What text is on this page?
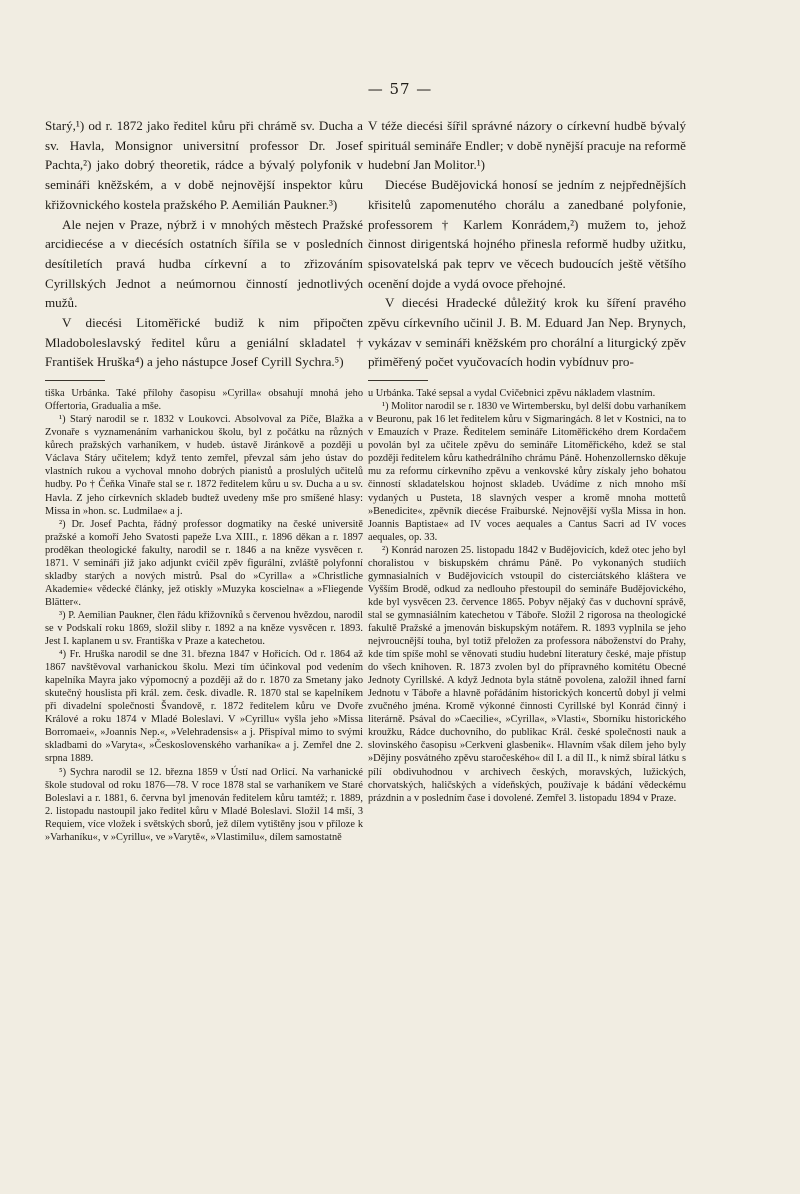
— 57 —

Starý,¹) od r. 1872 jako ředitel kůru při chrámě sv. Ducha a sv. Havla, Monsignor universitní professor Dr. Josef Pachta,²) jako dobrý theoretik, rádce a bývalý polyfonik v semináři kněžském, a v době nejnovější inspektor kůru křižovnického kostela pražského P. Aemilián Paukner.³)

Ale nejen v Praze, nýbrž i v mnohých městech Pražské arcidiecése a v diecésích ostatních šířila se v posledních desítiletích pravá hudba církevní a to zřizováním Cyrillských Jednot a neúmornou činností jednotlivých mužů.

V diecési Litoměřické budiž k nim připočten Mladoboleslavský ředitel kůru a geniální skladatel † František Hruška⁴) a jeho nástupce Josef Cyrill Sychra.⁵)

tiška Urbánka. Také přílohy časopisu »Cyrilla« obsahují mnohá jeho Offertoria, Gradualia a mše.

¹) Starý narodil se r. 1832 v Loukovci. Absolvoval za Píče, Blažka a Zvonaře s vyznamenáním varhanickou školu, byl z počátku na různých kůrech pražských varhaníkem, v hudeb. ústavě Jiránkově a později u Václava Stáry učitelem; když tento zemřel, převzal sám jeho ústav do vlastních rukou a vychoval mnoho dobrých pianistů a proslulých učitelů hudby. Po † Čeňka Vinaře stal se r. 1872 ředitelem kůru u sv. Ducha a u sv. Havla. Z jeho církevních skladeb budtež uvedeny mše pro smíšené hlasy: Missa in »hon. sc. Ludmilae« a j.

²) Dr. Josef Pachta, řádný professor dogmatiky na české universitě pražské a komoří Jeho Svatosti papeže Lva XIII., r. 1896 děkan a r. 1897 proděkan theologické fakulty, narodil se r. 1846 a na kněze vysvěcen r. 1871. V semináři již jako adjunkt cvičil zpěv figurální, zvláště polyfonní skladby starých a nových mistrů. Psal do »Cyrilla« a »Christliche Akademie« vědecké články, jež otiskly »Muzyka koscielna« a »Fliegende Blätter«.

³) P. Aemilian Paukner, člen řádu křižovníků s červenou hvězdou, narodil se v Podskalí roku 1869, složil sliby r. 1892 a na kněze vysvěcen r. 1893. Jest I. kaplanem u sv. Františka v Praze a katechetou.

⁴) Fr. Hruška narodil se dne 31. března 1847 v Hořicích. Od r. 1864 až 1867 navštěvoval varhanickou školu. Mezi tím účinkoval pod vedením kapelníka Mayra jako výpomocný a později až do r. 1870 za Smetany jako skutečný houslista při král. zem. česk. divadle. R. 1870 stal se kapelníkem při divadelní společnosti Švandově, r. 1872 ředitelem kůru ve Dvoře Králové a roku 1874 v Mladé Boleslavi. V »Cyrillu« vyšla jeho »Missa Borromaei«, »Joannis Nep.«, »Velehradensis« a j. Přispíval mimo to svými skladbami do »Varyta«, »Československého varhaníka« a j. Zemřel dne 2. srpna 1889.

⁵) Sychra narodil se 12. března 1859 v Ústí nad Orlicí. Na varhanické škole studoval od roku 1876—78. V roce 1878 stal se varhaníkem ve Staré Boleslavi a r. 1881, 6. června byl jmenován ředitelem kůru tamtéž; r. 1889, 2. listopadu nastoupil jako ředitel kůru v Mladé Boleslavi. Složil 14 mší, 3 Requiem, více vložek i světských sborů, jež dílem vytištěny jsou v příloze k »Varhaníku«, v »Cyrillu«, ve »Varytě«, »Vlastimilu«, dílem samostatně

V téže diecési šířil správné názory o církevní hudbě bývalý spirituál semináře Endler; v době nynější pracuje na reformě hudební Jan Molitor.¹)

Diecése Budějovická honosí se jedním z nejpřednějších křisitelů zapomenutého chorálu a zanedbané polyfonie, professorem † Karlem Konrádem,²) mužem to, jehož činnost dirigentská hojného přinesla reformě hudby užitku, spisovatelská pak teprv ve věcech budoucích ještě většího ocenění dojde a vydá ovoce přehojné.

V diecési Hradecké důležitý krok ku šíření pravého zpěvu církevního učinil J. B. M. Eduard Jan Nep. Brynych, vykázav v semináři kněžském pro chorální a liturgický zpěv přiměřený počet vyučovacích hodin vybídnuv pro-

u Urbánka. Také sepsal a vydal Cvičebnici zpěvu nákladem vlastním.

¹) Molitor narodil se r. 1830 ve Wirtembersku, byl delší dobu varhaníkem v Beuronu, pak 16 let ředitelem kůru v Sigmaringách. 8 let v Kostnici, na to v Emauzích v Praze. Ředitelem semináře Litoměřického drem Kordačem povolán byl za učitele zpěvu do semináře Litoměřického, kdež se stal později ředitelem kůru kathedrálního chrámu Páně. Hohenzollernsko děkuje mu za reformu církevního zpěvu a venkovské kůry získaly jeho bohatou činností skladatelskou hojnost skladeb. Uvádíme z nich mnoho mší vydaných u Pusteta, 18 slavných vesper a kromě mnoha mottetů »Benedicite«, zpěvník diecése Fraiburské. Nejnovější vyšla Missa in hon. Joannis Baptistae« ad IV voces aequales a Cantus Sacri ad IV voces aequales, op. 33.

²) Konrád narozen 25. listopadu 1842 v Budějovicích, kdež otec jeho byl choralistou v biskupském chrámu Páně. Po vykonaných studiích gymnasialních v Budějovicích vstoupil do cisterciátského kláštera ve Vyšším Brodě, odkud za nedlouho přestoupil do semináře Budějovického, kde byl vysvěcen 23. července 1865. Pobyv nějaký čas v duchovní správě, stal se gymnasiálním katechetou v Táboře. Složil 2 rigorosa na theologické fakultě Pražské a jmenován biskupským notářem. R. 1893 vyplnila se jeho nejvroucnější touha, byl totiž přeložen za professora náboženství do Prahy, kde tím spíše mohl se věnovati studiu hudební literatury české, maje přístup do všech knihoven. R. 1873 zvolen byl do přípravného komitétu Obecné Jednoty Cyrillské. A když Jednota byla státně povolena, založil ihned farní Jednotu v Táboře a hlavně pořádáním historických koncertů dobyl jí velmi zvučného jména. Kromě výkonné činnosti Cyrillské byl Konrád činný i literárně. Psával do »Caecilie«, »Cyrilla«, »Vlasti«, Sborníku historického kroužku, Rádce duchovního, do publikac Král. české společnosti nauk a slovinského časopisu »Cerkveni glasbenik«. Hlavním však dílem jeho byly »Dějiny posvátného zpěvu staročeského« díl I. a díl II., k nimž sbíral látku s pílí obdivuhodnou v archivech českých, moravských, lužických, chorvatských, haličských a vídeňských, používaje k bádání vědeckému prázdnin a v posledním čase i dovolené. Zemřel 3. listopadu 1894 v Praze.
